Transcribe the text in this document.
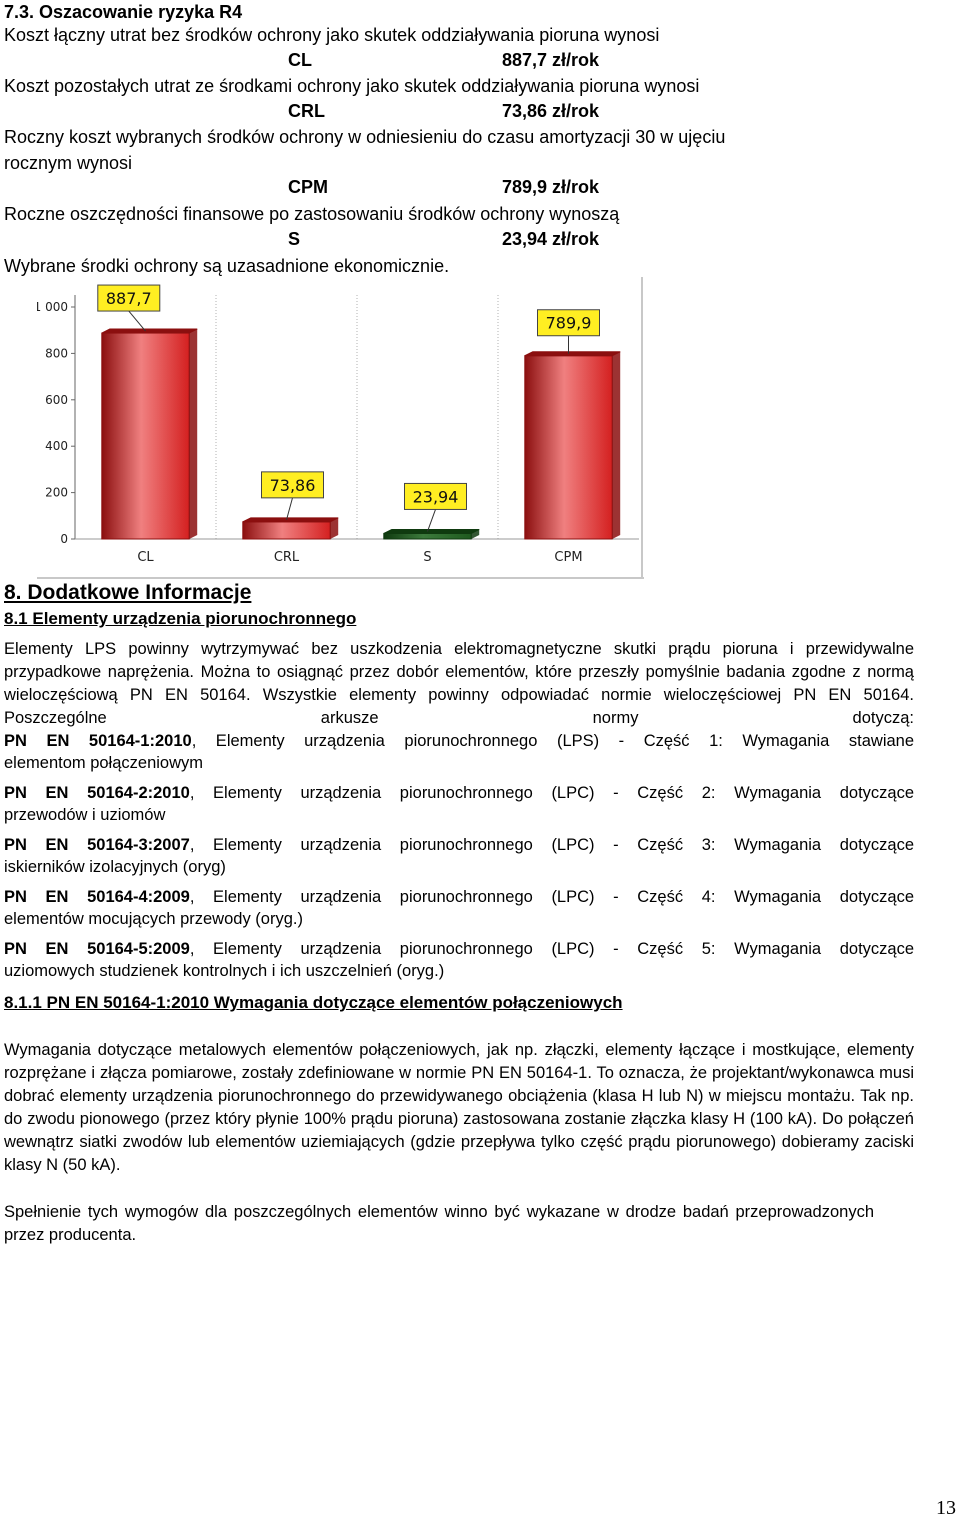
7.3. Oszacowanie ryzyka R4
Koszt łączny utrat bez środków ochrony jako skutek oddziaływania pioruna wynosi
CL	887,7 zł/rok
Koszt pozostałych utrat ze środkami ochrony jako skutek oddziaływania pioruna wynosi
CRL	73,86 zł/rok
Roczny koszt wybranych środków ochrony w odniesieniu do czasu amortyzacji 30 w ujęciu
rocznym wynosi
CPM	789,9 zł/rok
Roczne oszczędności finansowe po zastosowaniu środków ochrony wynoszą
S	23,94 zł/rok
Wybrane środki ochrony są uzasadnione ekonomicznie.
0
200
400
600
800
1 000 887,7
CL
73,86
CRL
23,94
S
789,9
CPM
8. Dodatkowe Informacje
8.1 Elementy urządzenia piorunochronnego
Elementy LPS powinny wytrzymywać bez uszkodzenia elektromagnetyczne skutki prądu pioruna i przewidywalne przypadkowe naprężenia. Można to osiągnąć przez dobór elementów, które przeszły pomyślnie badania zgodne z normą wieloczęściową PN EN 50164. Wszystkie elementy powinny odpowiadać normie wieloczęściowej PN EN 50164. Poszczególne arkusze normy dotyczą:
PN EN 50164-1:2010, Elementy urządzenia piorunochronnego (LPS) - Część 1: Wymagania stawiane
elementom połączeniowym
PN EN 50164-2:2010, Elementy urządzenia piorunochronnego (LPC) - Część 2: Wymagania dotyczące
przewodów i uziomów
PN EN 50164-3:2007, Elementy urządzenia piorunochronnego (LPC) - Część 3: Wymagania dotyczące
iskierników izolacyjnych (oryg)
PN EN 50164-4:2009, Elementy urządzenia piorunochronnego (LPC) - Część 4: Wymagania dotyczące
elementów mocujących przewody (oryg.)
PN EN 50164-5:2009, Elementy urządzenia piorunochronnego (LPC) - Część 5: Wymagania dotyczące
uziomowych studzienek kontrolnych i ich uszczelnień (oryg.)
8.1.1 PN EN 50164-1:2010 Wymagania dotyczące elementów połączeniowych
Wymagania dotyczące metalowych elementów połączeniowych, jak np. złączki, elementy łączące i mostkujące, elementy rozprężane i złącza pomiarowe, zostały zdefiniowane w normie PN EN 50164-1. To oznacza, że projektant/wykonawca musi dobrać elementy urządzenia piorunochronnego do przewidywanego obciążenia (klasa H lub N) w miejscu montażu. Tak np. do zwodu pionowego (przez który płynie 100% prądu pioruna) zastosowana zostanie złączka klasy H (100 kA). Do połączeń wewnątrz siatki zwodów lub elementów uziemiających (gdzie przepływa tylko część prądu piorunowego) dobieramy zaciski klasy N (50 kA).
Spełnienie tych wymogów dla poszczególnych elementów winno być wykazane w drodze badań przeprowadzonych przez producenta.
13
